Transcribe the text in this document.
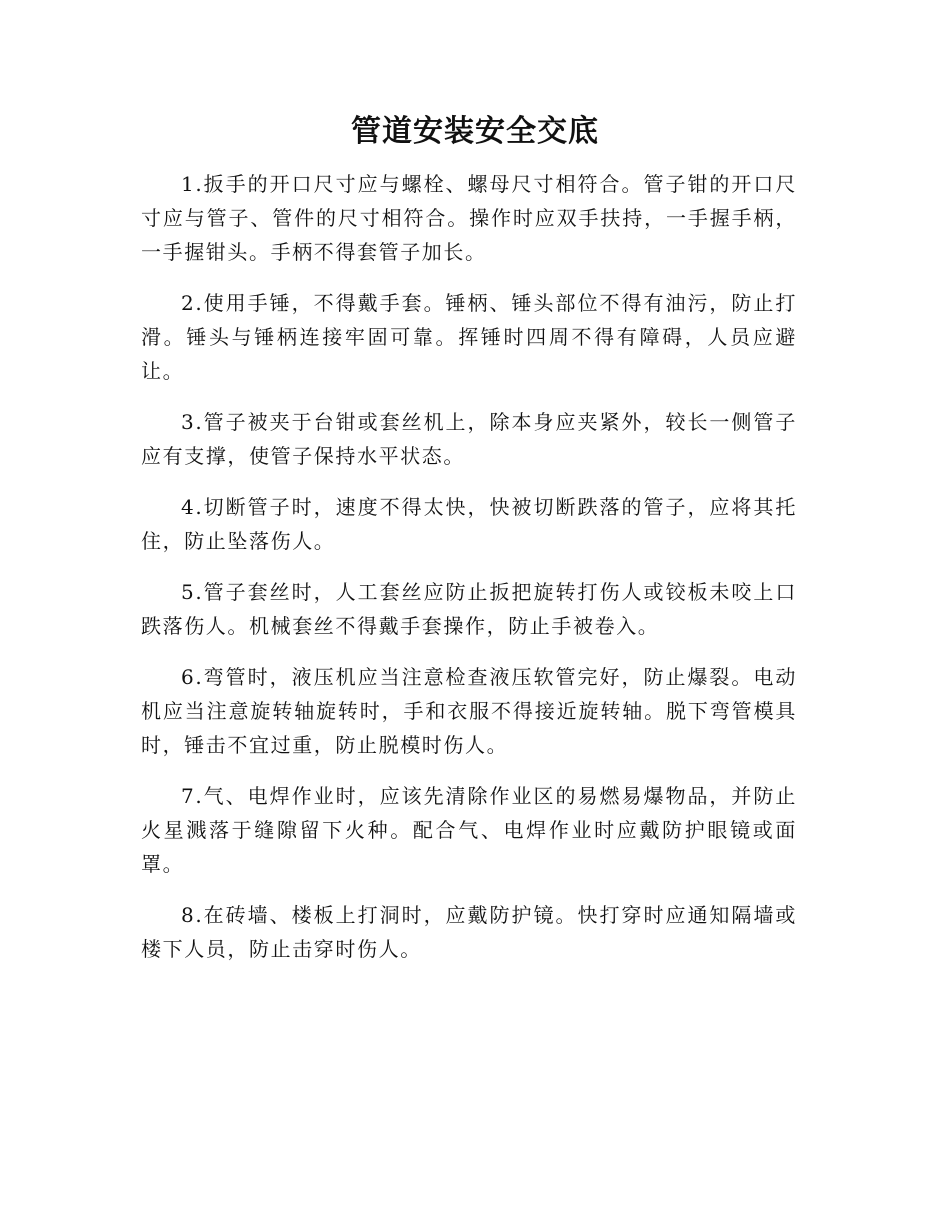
管道安装安全交底

1.扳手的开口尺寸应与螺栓、螺母尺寸相符合。管子钳的开口尺寸应与管子、管件的尺寸相符合。操作时应双手扶持，一手握手柄，一手握钳头。手柄不得套管子加长。

2.使用手锤，不得戴手套。锤柄、锤头部位不得有油污，防止打滑。锤头与锤柄连接牢固可靠。挥锤时四周不得有障碍，人员应避让。

3.管子被夹于台钳或套丝机上，除本身应夹紧外，较长一侧管子应有支撑，使管子保持水平状态。

4.切断管子时，速度不得太快，快被切断跌落的管子，应将其托住，防止坠落伤人。

5.管子套丝时，人工套丝应防止扳把旋转打伤人或铰板未咬上口跌落伤人。机械套丝不得戴手套操作，防止手被卷入。

6.弯管时，液压机应当注意检查液压软管完好，防止爆裂。电动机应当注意旋转轴旋转时，手和衣服不得接近旋转轴。脱下弯管模具时，锤击不宜过重，防止脱模时伤人。

7.气、电焊作业时，应该先清除作业区的易燃易爆物品，并防止火星溅落于缝隙留下火种。配合气、电焊作业时应戴防护眼镜或面罩。

8.在砖墙、楼板上打洞时，应戴防护镜。快打穿时应通知隔墙或楼下人员，防止击穿时伤人。
